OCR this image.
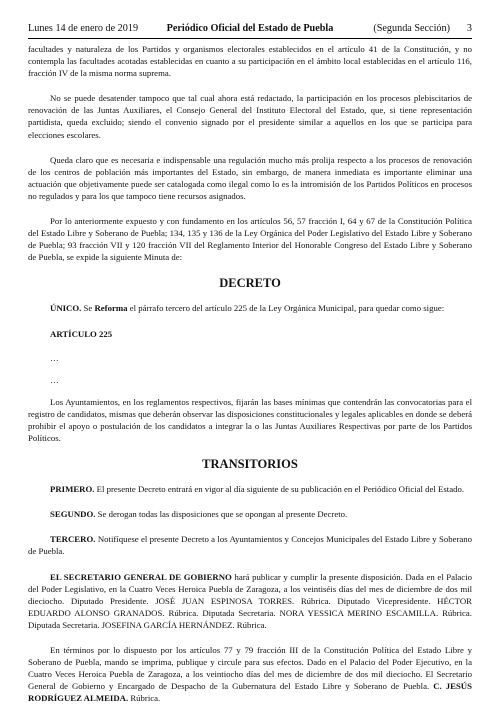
Lunes 14 de enero de 2019	Periódico Oficial del Estado de Puebla	(Segunda Sección) 3

facultades y naturaleza de los Partidos y organismos electorales establecidos en el artículo 41 de la Constitución, y no contempla las facultades acotadas establecidas en cuanto a su participación en el ámbito local establecidas en el artículo 116, fracción IV de la misma norma suprema.

No se puede desatender tampoco que tal cual ahora está redactado, la participación en los procesos plebiscitarios de renovación de las Juntas Auxiliares, el Consejo General del Instituto Electoral del Estado, que, si tiene representación partidista, queda excluido; siendo el convenio signado por el presidente similar a aquellos en los que se participa para elecciones escolares.

Queda claro que es necesaria e indispensable una regulación mucho más prolija respecto a los procesos de renovación de los centros de población más importantes del Estado, sin embargo, de manera inmediata es importante eliminar una actuación que objetivamente puede ser catalogada como ilegal como lo es la intromisión de los Partidos Políticos en procesos no regulados y para los que tampoco tiene recursos asignados.

Por lo anteriormente expuesto y con fundamento en los artículos 56, 57 fracción I, 64 y 67 de la Constitución Política del Estado Libre y Soberano de Puebla; 134, 135 y 136 de la Ley Orgánica del Poder Legislativo del Estado Libre y Soberano de Puebla; 93 fracción VII y 120 fracción VII del Reglamento Interior del Honorable Congreso del Estado Libre y Soberano de Puebla, se expide la siguiente Minuta de:

DECRETO

ÚNICO. Se Reforma el párrafo tercero del artículo 225 de la Ley Orgánica Municipal, para quedar como sigue:

ARTÍCULO 225

…

…

Los Ayuntamientos, en los reglamentos respectivos, fijarán las bases mínimas que contendrán las convocatorias para el registro de candidatos, mismas que deberán observar las disposiciones constitucionales y legales aplicables en donde se deberá prohibir el apoyo o postulación de los candidatos a integrar la o las Juntas Auxiliares Respectivas por parte de los Partidos Políticos.

TRANSITORIOS

PRIMERO. El presente Decreto entrará en vigor al día siguiente de su publicación en el Periódico Oficial del Estado.

SEGUNDO. Se derogan todas las disposiciones que se opongan al presente Decreto.

TERCERO. Notifíquese el presente Decreto a los Ayuntamientos y Concejos Municipales del Estado Libre y Soberano de Puebla.

EL SECRETARIO GENERAL DE GOBIERNO hará publicar y cumplir la presente disposición. Dada en el Palacio del Poder Legislativo, en la Cuatro Veces Heroica Puebla de Zaragoza, a los veintiséis días del mes de diciembre de dos mil dieciocho. Diputado Presidente. JOSÉ JUAN ESPINOSA TORRES. Rúbrica. Diputado Vicepresidente. HÉCTOR EDUARDO ALONSO GRANADOS. Rúbrica. Diputada Secretaria. NORA YESSICA MERINO ESCAMILLA. Rúbrica. Diputada Secretaria. JOSEFINA GARCÍA HERNÁNDEZ. Rúbrica.

En términos por lo dispuesto por los artículos 77 y 79 fracción III de la Constitución Política del Estado Libre y Soberano de Puebla, mando se imprima, publique y circule para sus efectos. Dado en el Palacio del Poder Ejecutivo, en la Cuatro Veces Heroica Puebla de Zaragoza, a los veintiocho días del mes de diciembre de dos mil dieciocho. El Secretario General de Gobierno y Encargado de Despacho de la Gubernatura del Estado Libre y Soberano de Puebla. C. JESÚS RODRÍGUEZ ALMEIDA. Rúbrica.
